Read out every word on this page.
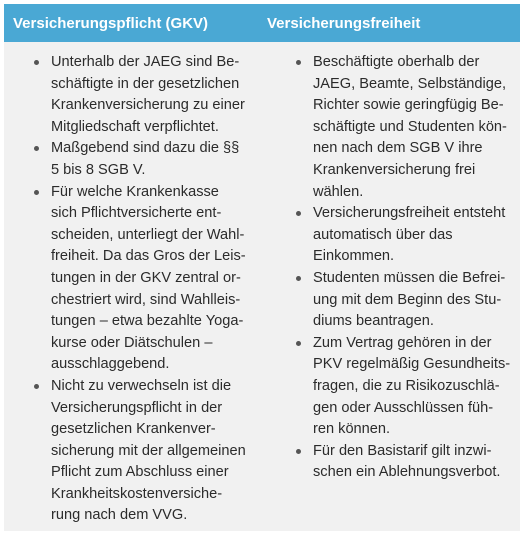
Versicherungspflicht (GKV)	Versicherungsfreiheit
Unterhalb der JAEG sind Be-
schäftigte in der gesetzlichen
Krankenversicherung zu einer
Mitgliedschaft verpflichtet.
Maßgebend sind dazu die §§
5 bis 8 SGB V.
Für welche Krankenkasse
sich Pflichtversicherte ent-
scheiden, unterliegt der Wahl-
freiheit. Da das Gros der Leis-
tungen in der GKV zentral or-
chestriert wird, sind Wahlleis-
tungen – etwa bezahlte Yoga-
kurse oder Diätschulen –
ausschlaggebend.
Nicht zu verwechseln ist die
Versicherungspflicht in der
gesetzlichen Krankenver-
sicherung mit der allgemeinen
Pflicht zum Abschluss einer
Krankheitskostenversiche-
rung nach dem VVG.
Beschäftigte oberhalb der
JAEG, Beamte, Selbständige,
Richter sowie geringfügig Be-
schäftigte und Studenten kön-
nen nach dem SGB V ihre
Krankenversicherung frei
wählen.
Versicherungsfreiheit entsteht
automatisch über das
Einkommen.
Studenten müssen die Befrei-
ung mit dem Beginn des Stu-
diums beantragen.
Zum Vertrag gehören in der
PKV regelmäßig Gesundheits-
fragen, die zu Risikozuschlä-
gen oder Ausschlüssen füh-
ren können.
Für den Basistarif gilt inzwi-
schen ein Ablehnungsverbot.
